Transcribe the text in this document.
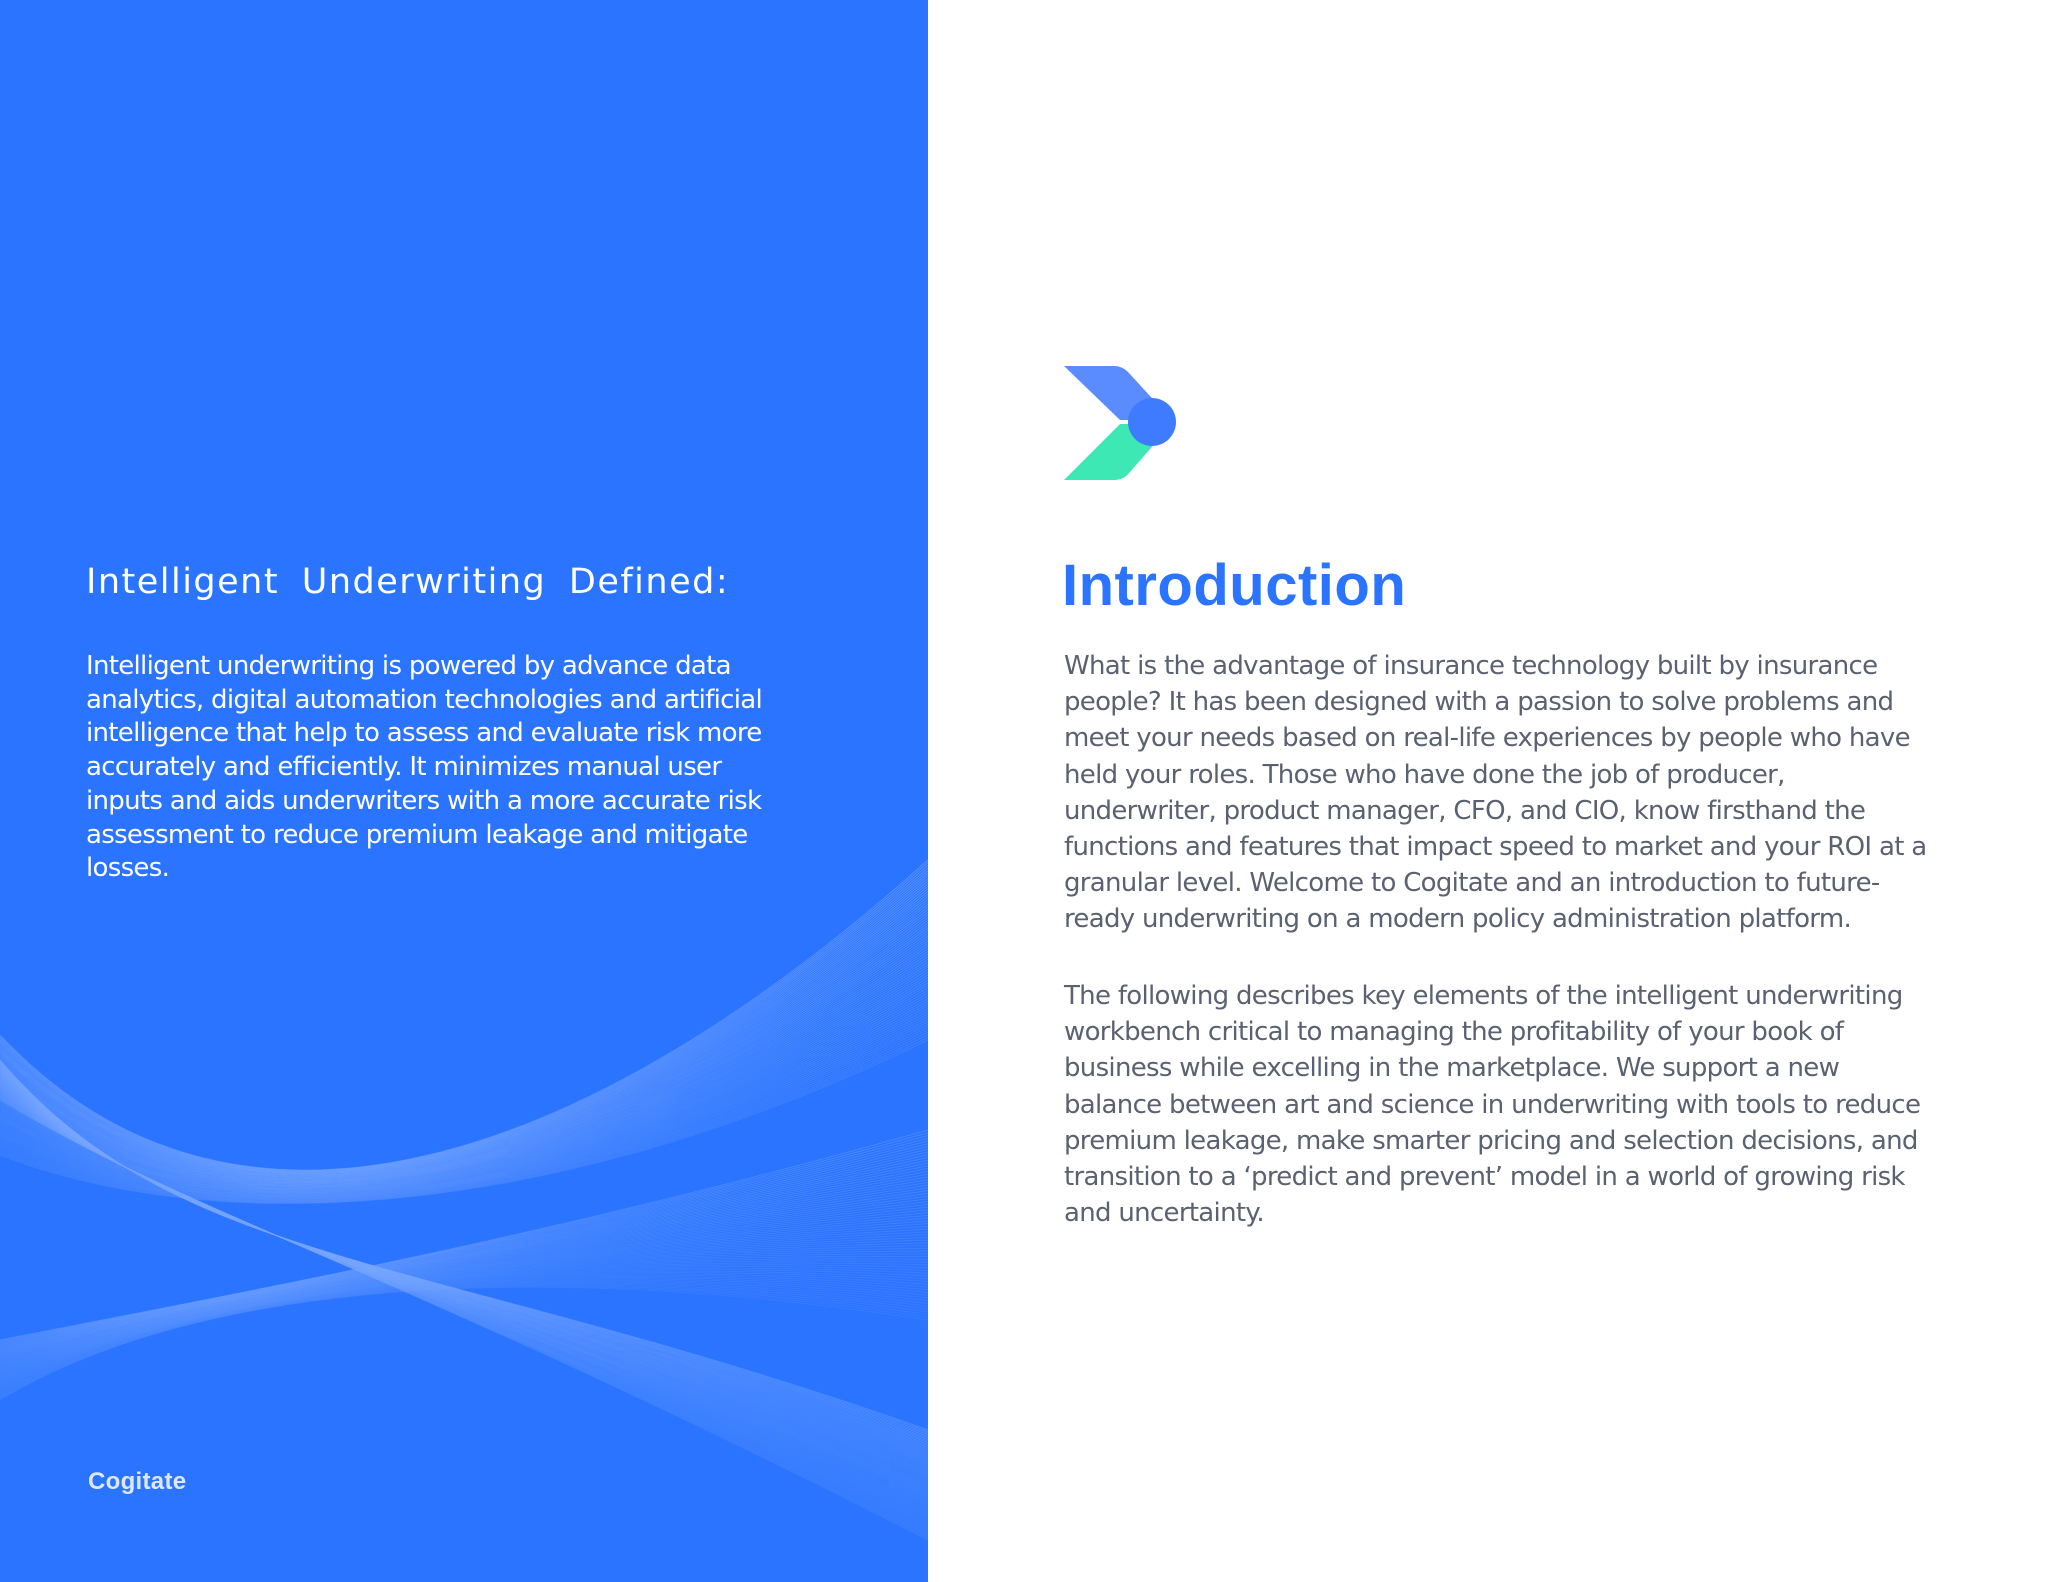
Intelligent Underwriting Defined:

Intelligent underwriting is powered by advance data analytics, digital automation technologies and artificial intelligence that help to assess and evaluate risk more accurately and efficiently. It minimizes manual user inputs and aids underwriters with a more accurate risk assessment to reduce premium leakage and mitigate losses.

Cogitate
Introduction

What is the advantage of insurance technology built by insurance people? It has been designed with a passion to solve problems and meet your needs based on real-life experiences by people who have held your roles. Those who have done the job of producer, underwriter, product manager, CFO, and CIO, know firsthand the functions and features that impact speed to market and your ROI at a granular level. Welcome to Cogitate and an introduction to future-ready underwriting on a modern policy administration platform.

The following describes key elements of the intelligent underwriting workbench critical to managing the profitability of your book of business while excelling in the marketplace. We support a new balance between art and science in underwriting with tools to reduce premium leakage, make smarter pricing and selection decisions, and transition to a ‘predict and prevent’ model in a world of growing risk and uncertainty.
